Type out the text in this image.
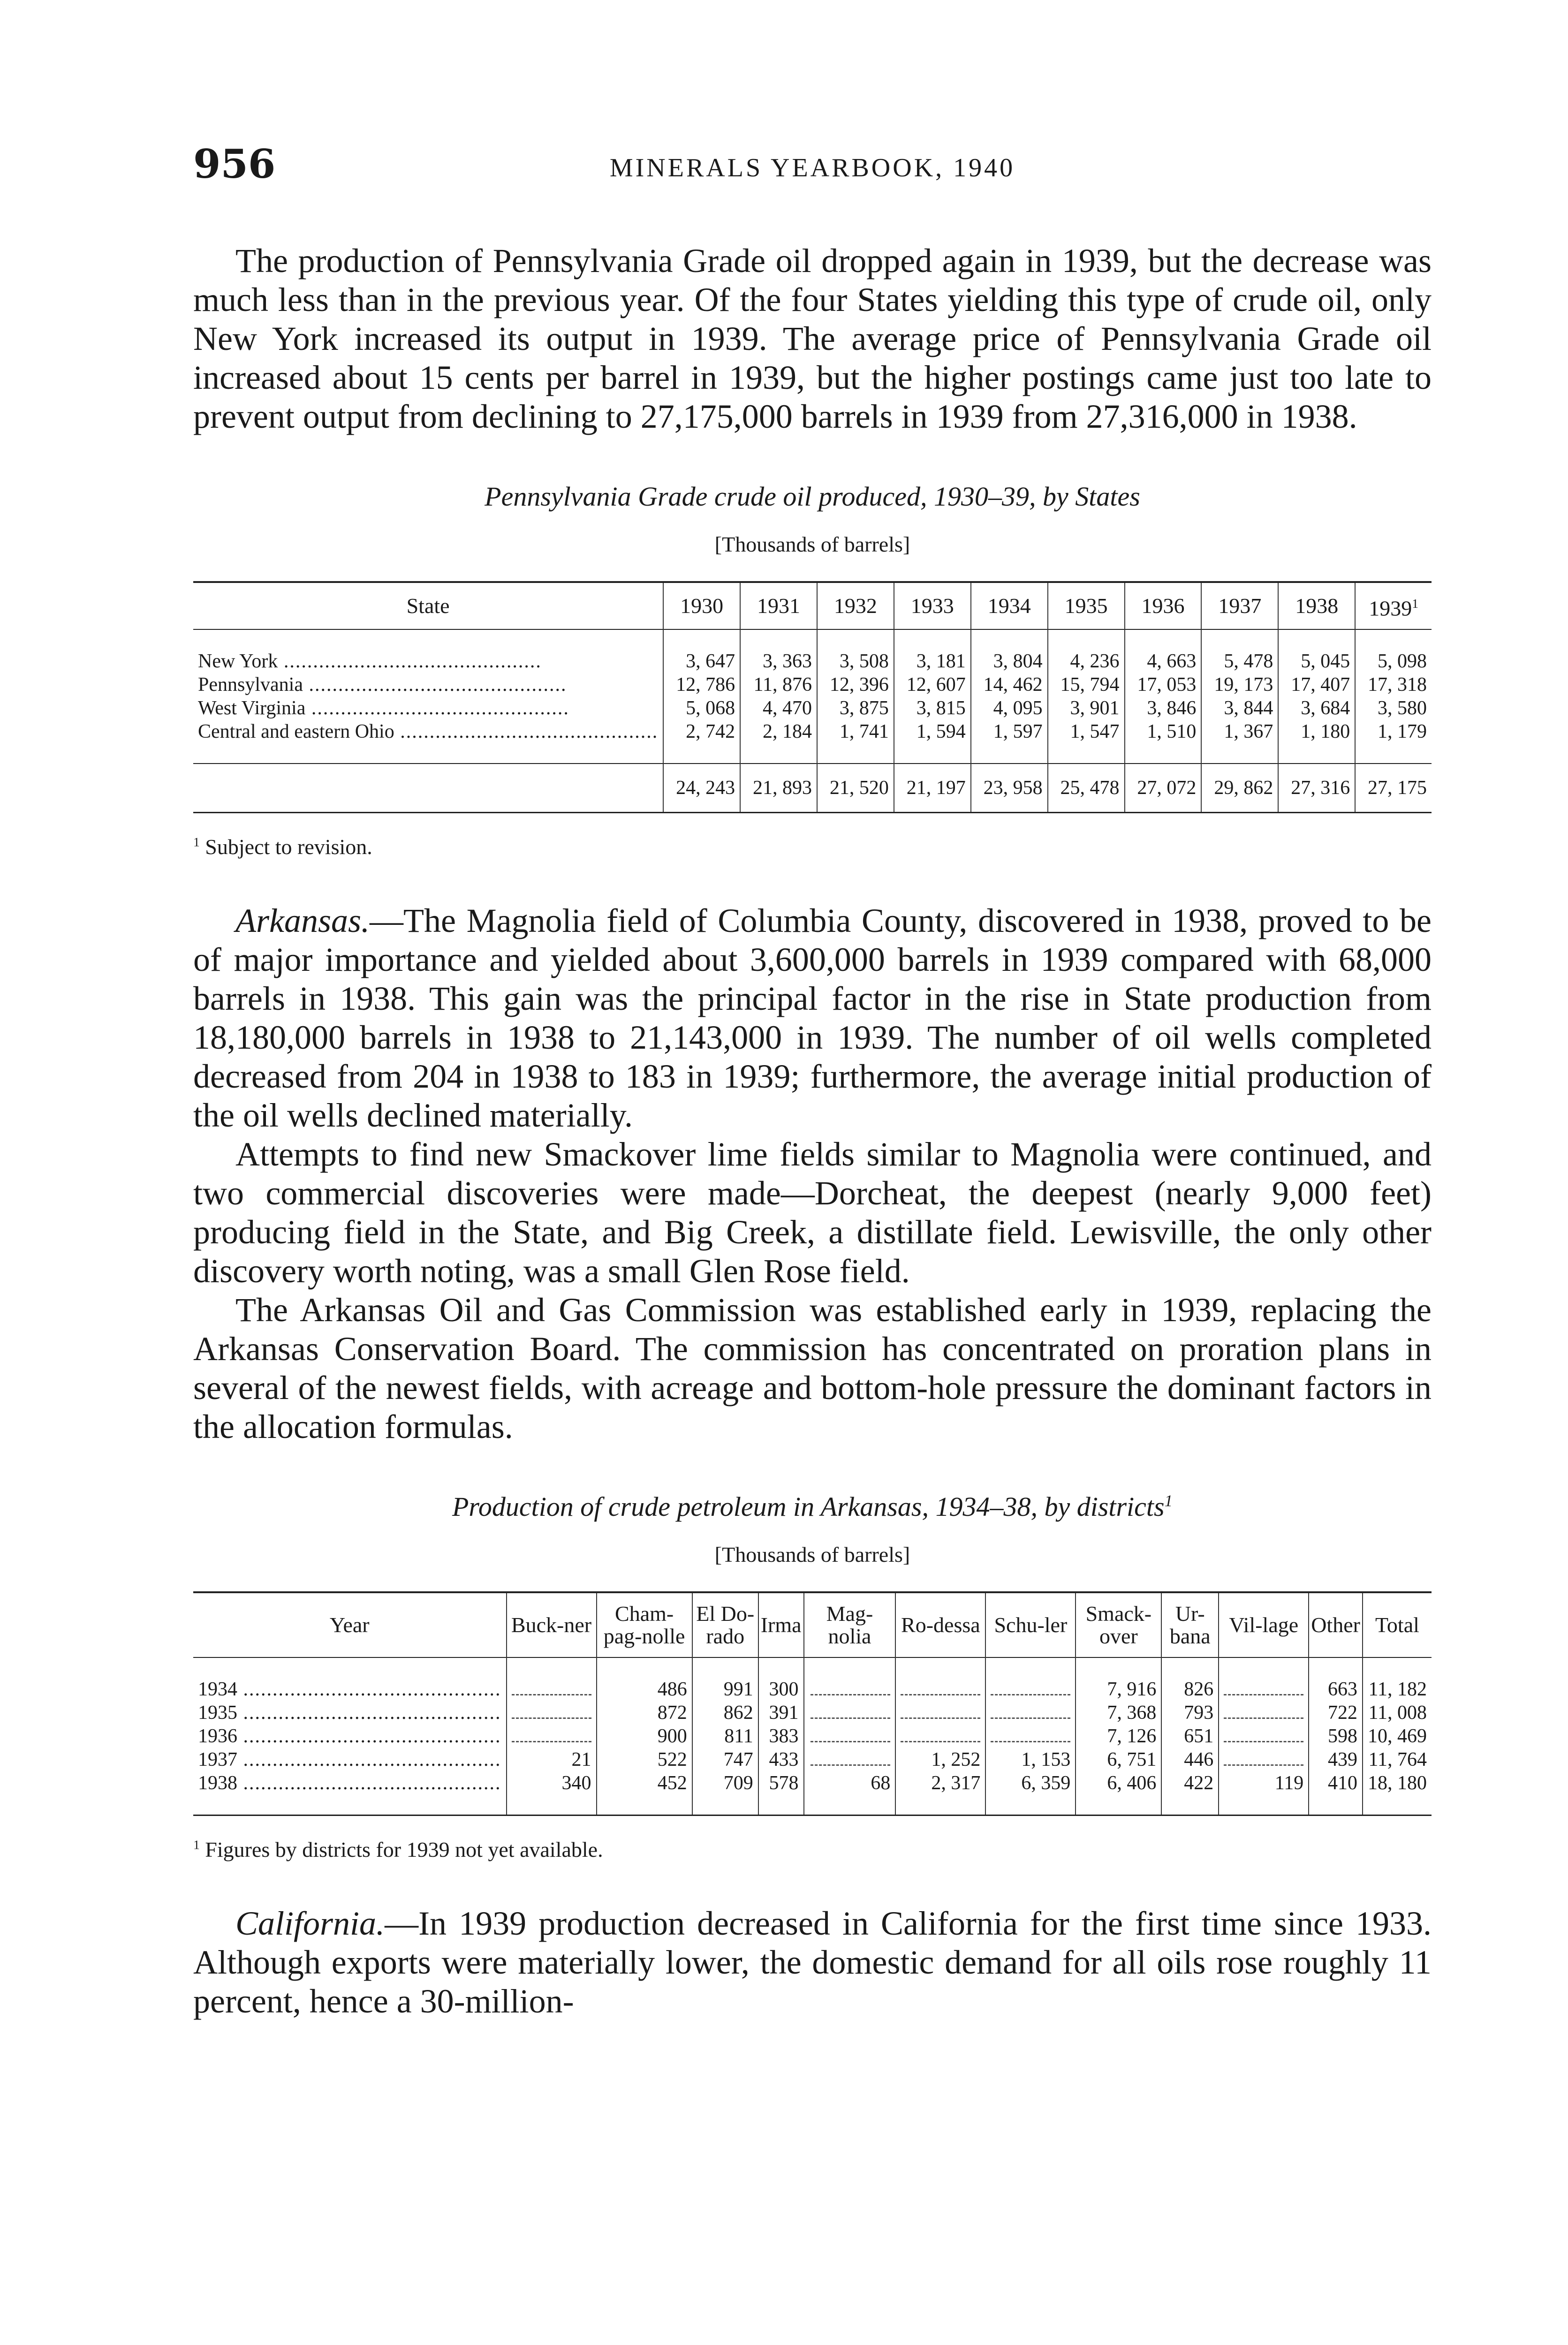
956	MINERALS YEARBOOK, 1940

The production of Pennsylvania Grade oil dropped again in 1939, but the decrease was much less than in the previous year. Of the four States yielding this type of crude oil, only New York increased its output in 1939. The average price of Pennsylvania Grade oil increased about 15 cents per barrel in 1939, but the higher postings came just too late to prevent output from declining to 27,175,000 barrels in 1939 from 27,316,000 in 1938.

Pennsylvania Grade crude oil produced, 1930–39, by States
[Thousands of barrels]
State	1930	1931	1932	1933	1934	1935	1936	1937	1938	1939$^1$
New York .....	3, 647	3, 363	3, 508	3, 181	3, 804	4, 236	4, 663	5, 478	5, 045	5, 098
Pennsylvania .....	12, 786	11, 876	12, 396	12, 607	14, 462	15, 794	17, 053	19, 173	17, 407	17, 318
West Virginia .....	5, 068	4, 470	3, 875	3, 815	4, 095	3, 901	3, 846	3, 844	3, 684	3, 580
Central and eastern Ohio .....	2, 742	2, 184	1, 741	1, 594	1, 597	1, 547	1, 510	1, 367	1, 180	1, 179
	24, 243	21, 893	21, 520	21, 197	23, 958	25, 478	27, 072	29, 862	27, 316	27, 175
$^1$ Subject to revision.

Arkansas.—The Magnolia field of Columbia County, discovered in 1938, proved to be of major importance and yielded about 3,600,000 barrels in 1939 compared with 68,000 barrels in 1938. This gain was the principal factor in the rise in State production from 18,180,000 barrels in 1938 to 21,143,000 in 1939. The number of oil wells completed decreased from 204 in 1938 to 183 in 1939; furthermore, the average initial production of the oil wells declined materially.

Attempts to find new Smackover lime fields similar to Magnolia were continued, and two commercial discoveries were made—Dorcheat, the deepest (nearly 9,000 feet) producing field in the State, and Big Creek, a distillate field. Lewisville, the only other discovery worth noting, was a small Glen Rose field.

The Arkansas Oil and Gas Commission was established early in 1939, replacing the Arkansas Conservation Board. The commission has concentrated on proration plans in several of the newest fields, with acreage and bottom-hole pressure the dominant factors in the allocation formulas.

Production of crude petroleum in Arkansas, 1934–38, by districts$^1$
[Thousands of barrels]
Year	Buck-ner	Cham-pag-nolle	El Do-rado	Irma	Mag-nolia	Ro-dessa	Schu-ler	Smack-over	Ur-bana	Vil-lage	Other	Total
1934 .....		486	991	300				7, 916	826		663	11, 182
1935 .....		872	862	391				7, 368	793		722	11, 008
1936 .....		900	811	383				7, 126	651		598	10, 469
1937 .....	21	522	747	433		1, 252	1, 153	6, 751	446		439	11, 764
1938 .....	340	452	709	578	68	2, 317	6, 359	6, 406	422	119	410	18, 180
$^1$ Figures by districts for 1939 not yet available.

California.—In 1939 production decreased in California for the first time since 1933. Although exports were materially lower, the domestic demand for all oils rose roughly 11 percent, hence a 30-million-
